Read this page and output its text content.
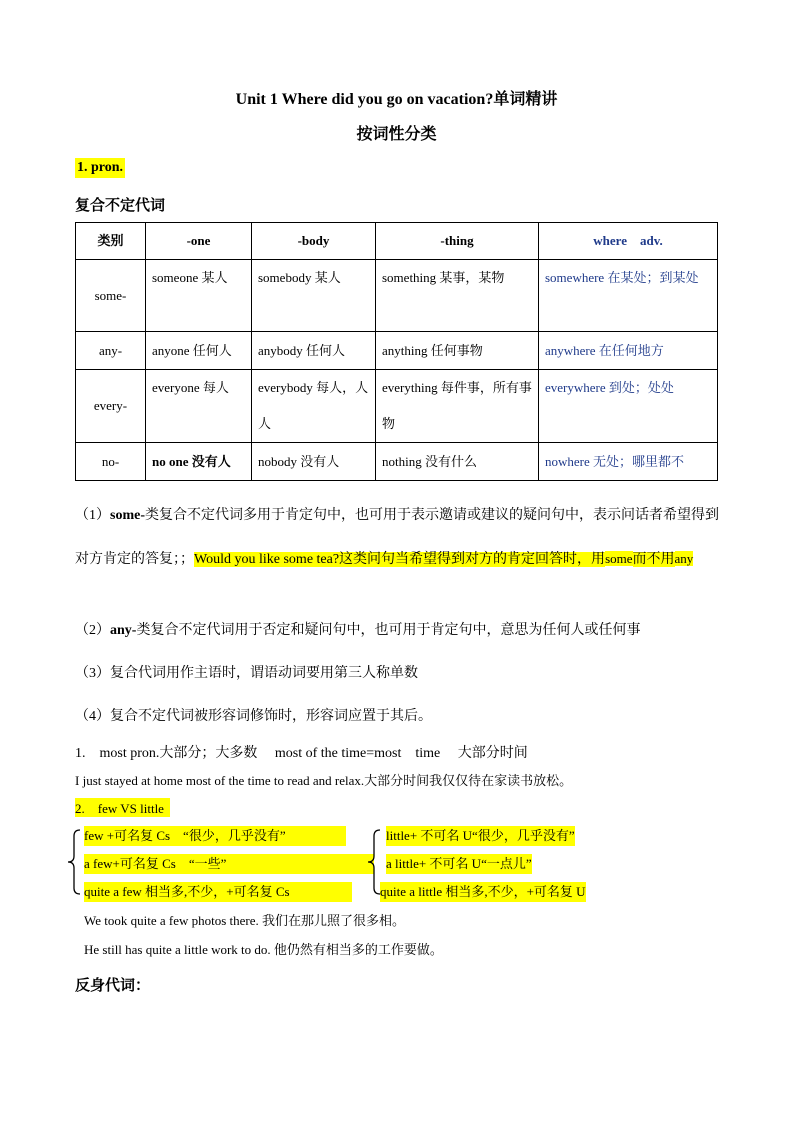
Unit 1 Where did you go on vacation?单词精讲
按词性分类
1. pron.
复合不定代词
类别	-one	-body	-thing	where　adv.
some-	someone 某人	somebody 某人	something 某事，某物	somewhere 在某处；到某处
any-	anyone 任何人	anybody 任何人	anything 任何事物	anywhere 在任何地方
every-	everyone 每人	everybody 每人，人人	everything 每件事，所有事物	everywhere 到处；处处
no-	no one 没有人	nobody 没有人	nothing 没有什么	nowhere 无处；哪里都不
（1）some-类复合不定代词多用于肯定句中，也可用于表示邀请或建议的疑问句中，表示问话者希望得到对方肯定的答复；；Would you like some tea?这类问句当希望得到对方的肯定回答时，用some而不用any
（2）any-类复合不定代词用于否定和疑问句中，也可用于肯定句中，意思为任何人或任何事
（3）复合代词用作主语时，谓语动词要用第三人称单数
（4）复合不定代词被形容词修饰时，形容词应置于其后。
1.　most pron.大部分；大多数　 most of the time=most　time　 大部分时间
I just stayed at home most of the time to read and relax.大部分时间我仅仅待在家读书放松。
2.　few VS little
few +可名复 Cs　“很少，几乎没有”
a few+可名复 Cs　“一些”
quite a few 相当多,不少，+可名复 Cs
little+ 不可名 U“很少，几乎没有”
a little+ 不可名 U“一点儿”
quite a little 相当多,不少，+可名复 U
We took quite a few photos there. 我们在那儿照了很多相。
He still has quite a little work to do. 他仍然有相当多的工作要做。
反身代词：
